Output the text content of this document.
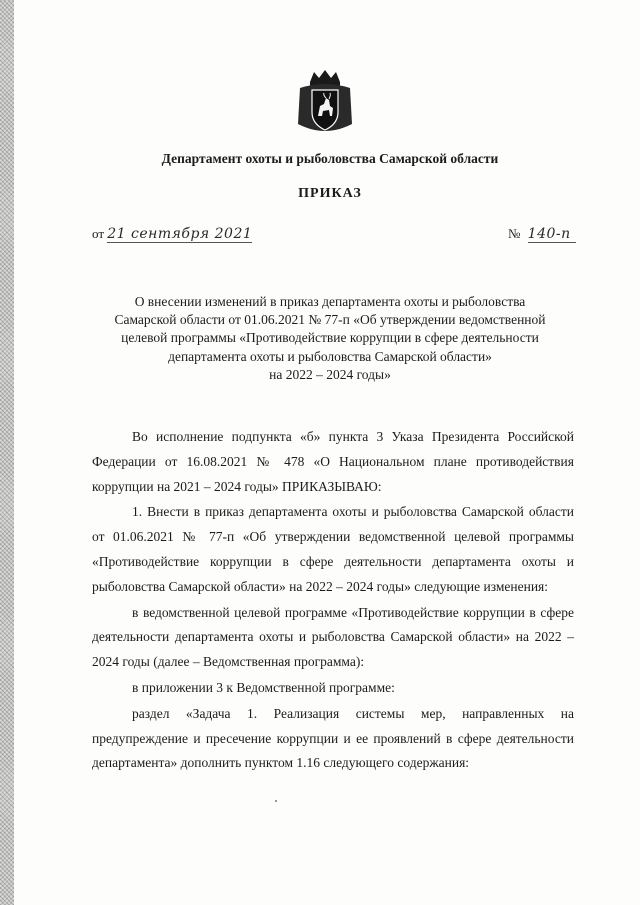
Департамент охоты и рыболовства Самарской области
ПРИКАЗ
от 21 сентября 2021	№ 140-п
О внесении изменений в приказ департамента охоты и рыболовства
Самарской области от 01.06.2021 № 77-п «Об утверждении ведомственной
целевой программы «Противодействие коррупции в сфере деятельности
департамента охоты и рыболовства Самарской области»
на 2022 – 2024 годы»

Во исполнение подпункта «б» пункта 3 Указа Президента Российской Федерации от 16.08.2021 № 478 «О Национальном плане противодействия коррупции на 2021 – 2024 годы» ПРИКАЗЫВАЮ:

1. Внести в приказ департамента охоты и рыболовства Самарской области от 01.06.2021 № 77-п «Об утверждении ведомственной целевой программы «Противодействие коррупции в сфере деятельности департамента охоты и рыболовства Самарской области» на 2022 – 2024 годы» следующие изменения:

в ведомственной целевой программе «Противодействие коррупции в сфере деятельности департамента охоты и рыболовства Самарской области» на 2022 – 2024 годы (далее – Ведомственная программа):

в приложении 3 к Ведомственной программе:

раздел «Задача 1. Реализация системы мер, направленных на предупреждение и пресечение коррупции и ее проявлений в сфере деятельности департамента» дополнить пунктом 1.16 следующего содержания:
